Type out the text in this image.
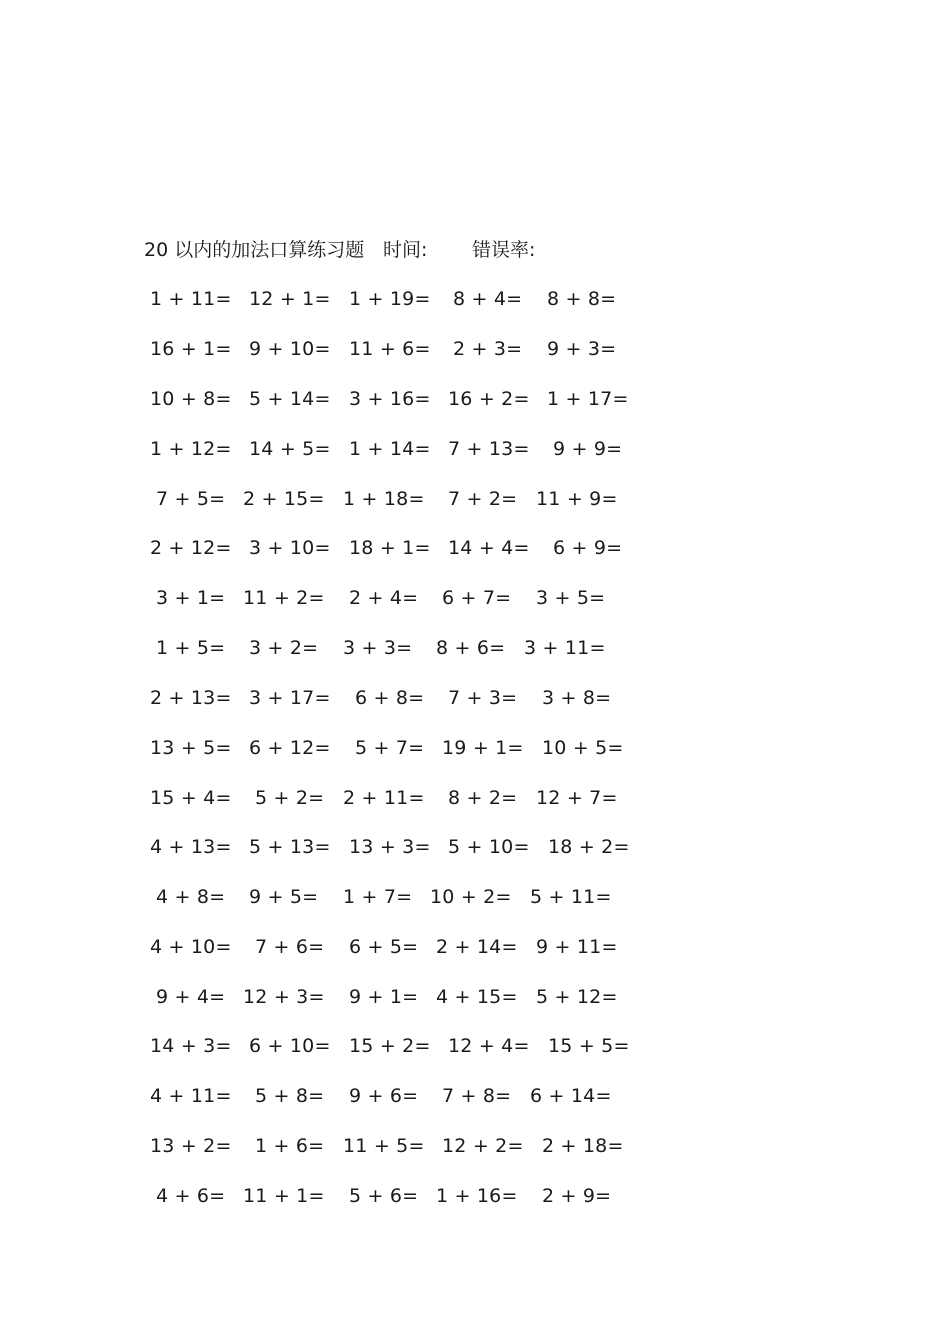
20 以内的加法口算练习题 时间: 错误率:
1 + 11= 12 + 1= 1 + 19= 8 + 4= 8 + 8=
16 + 1= 9 + 10= 11 + 6= 2 + 3= 9 + 3=
10 + 8= 5 + 14= 3 + 16= 16 + 2= 1 + 17=
1 + 12= 14 + 5= 1 + 14= 7 + 13= 9 + 9=
7 + 5= 2 + 15= 1 + 18= 7 + 2= 11 + 9=
2 + 12= 3 + 10= 18 + 1= 14 + 4= 6 + 9=
3 + 1= 11 + 2= 2 + 4= 6 + 7= 3 + 5=
1 + 5= 3 + 2= 3 + 3= 8 + 6= 3 + 11=
2 + 13= 3 + 17= 6 + 8= 7 + 3= 3 + 8=
13 + 5= 6 + 12= 5 + 7= 19 + 1= 10 + 5=
15 + 4= 5 + 2= 2 + 11= 8 + 2= 12 + 7=
4 + 13= 5 + 13= 13 + 3= 5 + 10= 18 + 2=
4 + 8= 9 + 5= 1 + 7= 10 + 2= 5 + 11=
4 + 10= 7 + 6= 6 + 5= 2 + 14= 9 + 11=
9 + 4= 12 + 3= 9 + 1= 4 + 15= 5 + 12=
14 + 3= 6 + 10= 15 + 2= 12 + 4= 15 + 5=
4 + 11= 5 + 8= 9 + 6= 7 + 8= 6 + 14=
13 + 2= 1 + 6= 11 + 5= 12 + 2= 2 + 18=
4 + 6= 11 + 1= 5 + 6= 1 + 16= 2 + 9=
